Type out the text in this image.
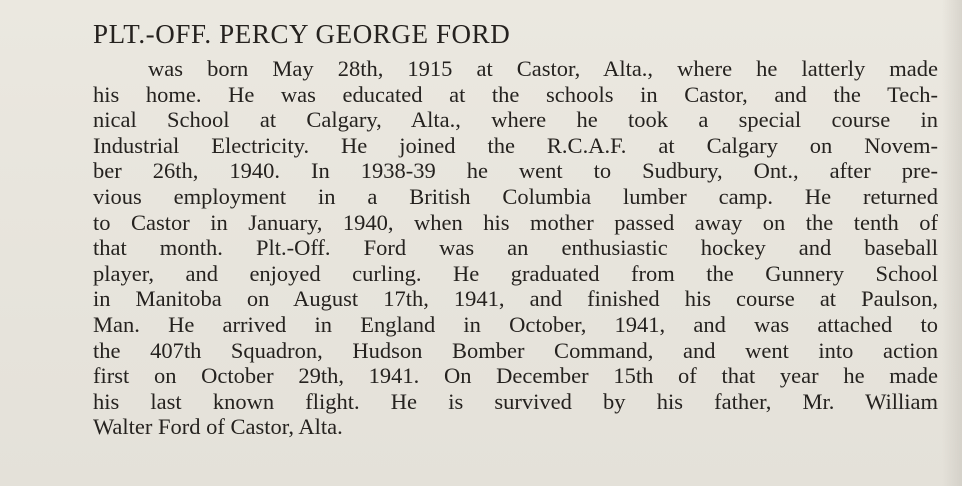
PLT.-OFF. PERCY GEORGE FORD
was born May 28th, 1915 at Castor, Alta., where he latterly made
his home. He was educated at the schools in Castor, and the Tech-
nical School at Calgary, Alta., where he took a special course in
Industrial Electricity. He joined the R.C.A.F. at Calgary on Novem-
ber 26th, 1940. In 1938-39 he went to Sudbury, Ont., after pre-
vious employment in a British Columbia lumber camp. He returned
to Castor in January, 1940, when his mother passed away on the tenth of
that month. Plt.-Off. Ford was an enthusiastic hockey and baseball
player, and enjoyed curling. He graduated from the Gunnery School
in Manitoba on August 17th, 1941, and finished his course at Paulson,
Man. He arrived in England in October, 1941, and was attached to
the 407th Squadron, Hudson Bomber Command, and went into action
first on October 29th, 1941. On December 15th of that year he made
his last known flight. He is survived by his father, Mr. William
Walter Ford of Castor, Alta.
